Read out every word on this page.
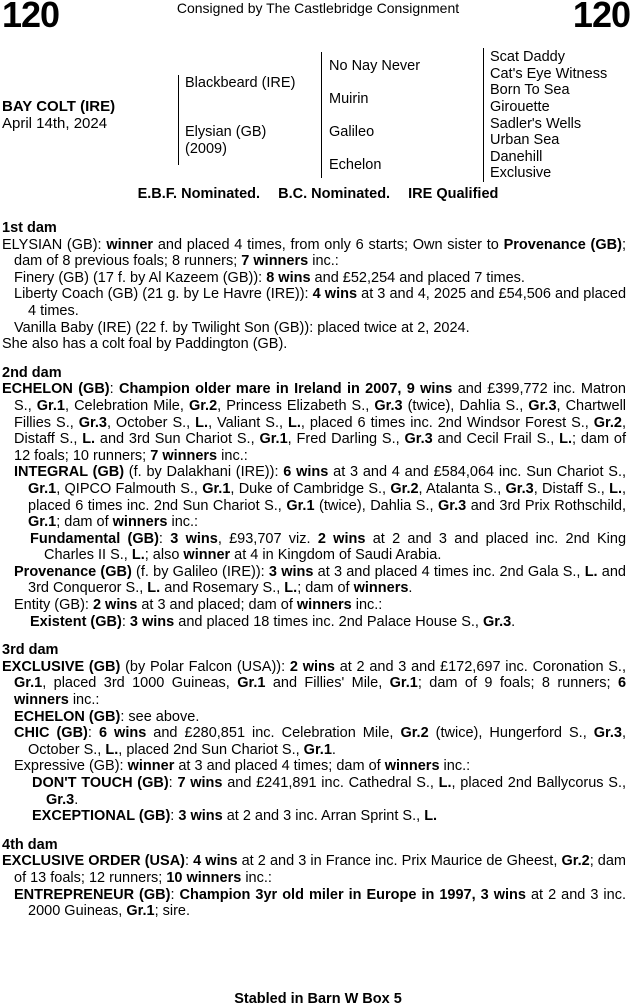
120	Consigned by The Castlebridge Consignment	120
BAY COLT (IRE)
April 14th, 2024
Blackbeard (IRE)
Elysian (GB)
(2009)
No Nay Never
Muirin
Galileo
Echelon
Scat Daddy
Cat's Eye Witness
Born To Sea
Girouette
Sadler's Wells
Urban Sea
Danehill
Exclusive
E.B.F. Nominated. B.C. Nominated. IRE Qualified
1st dam
ELYSIAN (GB): winner and placed 4 times, from only 6 starts; Own sister to Provenance (GB); dam of 8 previous foals; 8 runners; 7 winners inc.:
Finery (GB) (17 f. by Al Kazeem (GB)): 8 wins and £52,254 and placed 7 times.
Liberty Coach (GB) (21 g. by Le Havre (IRE)): 4 wins at 3 and 4, 2025 and £54,506 and placed 4 times.
Vanilla Baby (IRE) (22 f. by Twilight Son (GB)): placed twice at 2, 2024.
She also has a colt foal by Paddington (GB).
2nd dam
ECHELON (GB): Champion older mare in Ireland in 2007, 9 wins and £399,772 inc. Matron S., Gr.1, Celebration Mile, Gr.2, Princess Elizabeth S., Gr.3 (twice), Dahlia S., Gr.3, Chartwell Fillies S., Gr.3, October S., L., Valiant S., L., placed 6 times inc. 2nd Windsor Forest S., Gr.2, Distaff S., L. and 3rd Sun Chariot S., Gr.1, Fred Darling S., Gr.3 and Cecil Frail S., L.; dam of 12 foals; 10 runners; 7 winners inc.:
INTEGRAL (GB) (f. by Dalakhani (IRE)): 6 wins at 3 and 4 and £584,064 inc. Sun Chariot S., Gr.1, QIPCO Falmouth S., Gr.1, Duke of Cambridge S., Gr.2, Atalanta S., Gr.3, Distaff S., L., placed 6 times inc. 2nd Sun Chariot S., Gr.1 (twice), Dahlia S., Gr.3 and 3rd Prix Rothschild, Gr.1; dam of winners inc.:
Fundamental (GB): 3 wins, £93,707 viz. 2 wins at 2 and 3 and placed inc. 2nd King Charles II S., L.; also winner at 4 in Kingdom of Saudi Arabia.
Provenance (GB) (f. by Galileo (IRE)): 3 wins at 3 and placed 4 times inc. 2nd Gala S., L. and 3rd Conqueror S., L. and Rosemary S., L.; dam of winners.
Entity (GB): 2 wins at 3 and placed; dam of winners inc.:
Existent (GB): 3 wins and placed 18 times inc. 2nd Palace House S., Gr.3.
3rd dam
EXCLUSIVE (GB) (by Polar Falcon (USA)): 2 wins at 2 and 3 and £172,697 inc. Coronation S., Gr.1, placed 3rd 1000 Guineas, Gr.1 and Fillies' Mile, Gr.1; dam of 9 foals; 8 runners; 6 winners inc.:
ECHELON (GB): see above.
CHIC (GB): 6 wins and £280,851 inc. Celebration Mile, Gr.2 (twice), Hungerford S., Gr.3, October S., L., placed 2nd Sun Chariot S., Gr.1.
Expressive (GB): winner at 3 and placed 4 times; dam of winners inc.:
DON'T TOUCH (GB): 7 wins and £241,891 inc. Cathedral S., L., placed 2nd Ballycorus S., Gr.3.
EXCEPTIONAL (GB): 3 wins at 2 and 3 inc. Arran Sprint S., L.
4th dam
EXCLUSIVE ORDER (USA): 4 wins at 2 and 3 in France inc. Prix Maurice de Gheest, Gr.2; dam of 13 foals; 12 runners; 10 winners inc.:
ENTREPRENEUR (GB): Champion 3yr old miler in Europe in 1997, 3 wins at 2 and 3 inc. 2000 Guineas, Gr.1; sire.
Stabled in Barn W Box 5
